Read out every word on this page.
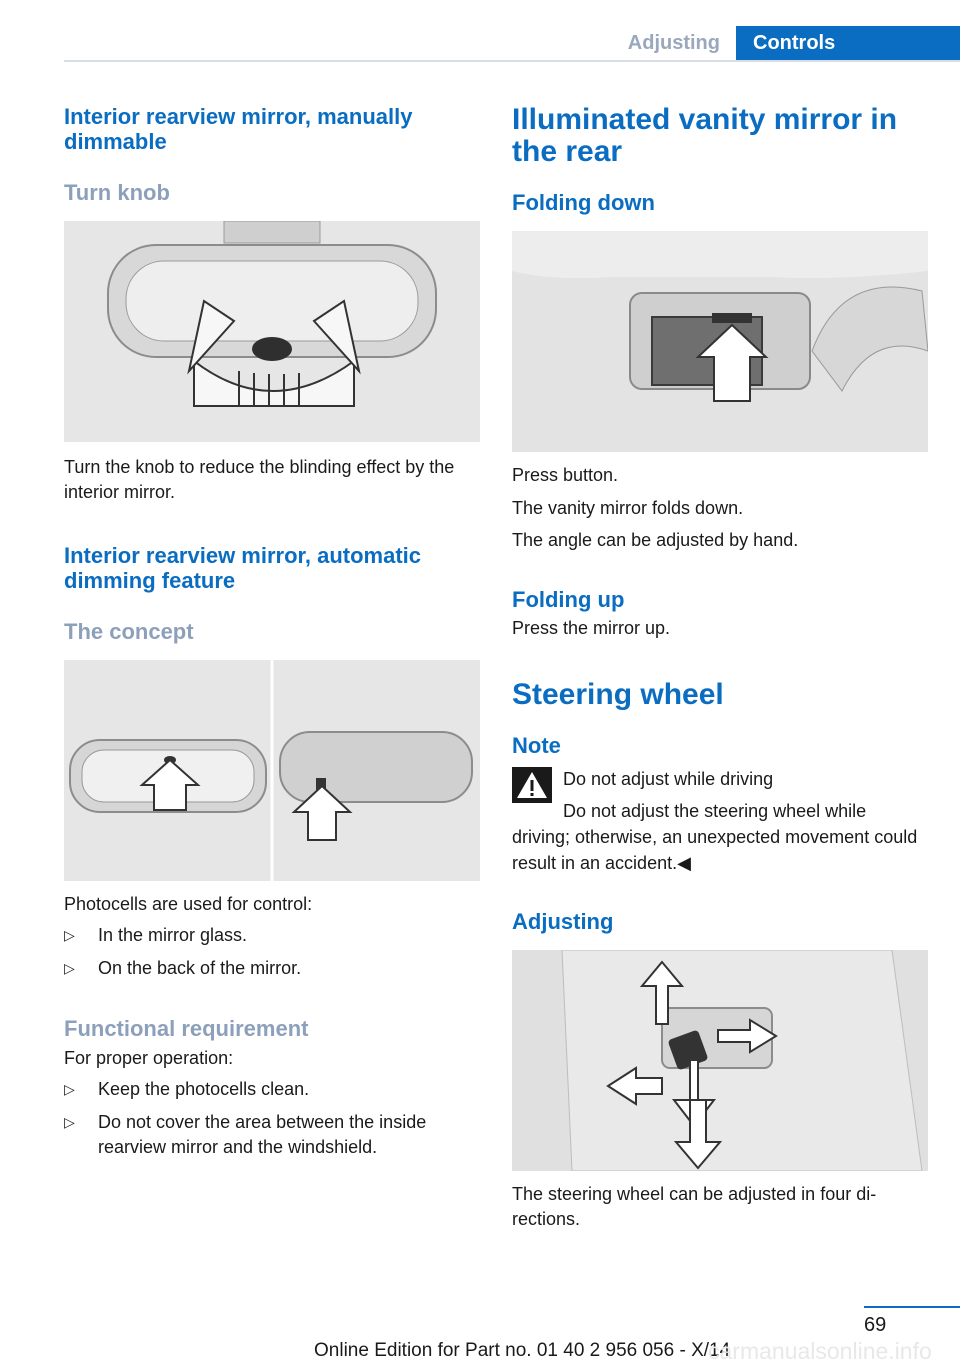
Adjusting	Controls
Interior rearview mirror, manually dimmable
Turn knob

Turn the knob to reduce the blinding effect by the interior mirror.

Interior rearview mirror, automatic dimming feature
The concept

Photocells are used for control:

▷ In the mirror glass.
▷ On the back of the mirror.
Functional requirement

For proper operation:

▷ Keep the photocells clean.
▷ Do not cover the area between the inside rearview mirror and the windshield.
Illuminated vanity mirror in the rear
Folding down

Press button.

The vanity mirror folds down.

The angle can be adjusted by hand.

Folding up

Press the mirror up.

Steering wheel
Note
Do not adjust while driving
Do not adjust the steering wheel while driving; otherwise, an unexpected movement could result in an accident.◀
Adjusting

The steering wheel can be adjusted in four di‐rections.

69
Online Edition for Part no. 01 40 2 956 056 - X/14
carmanualsonline.info
